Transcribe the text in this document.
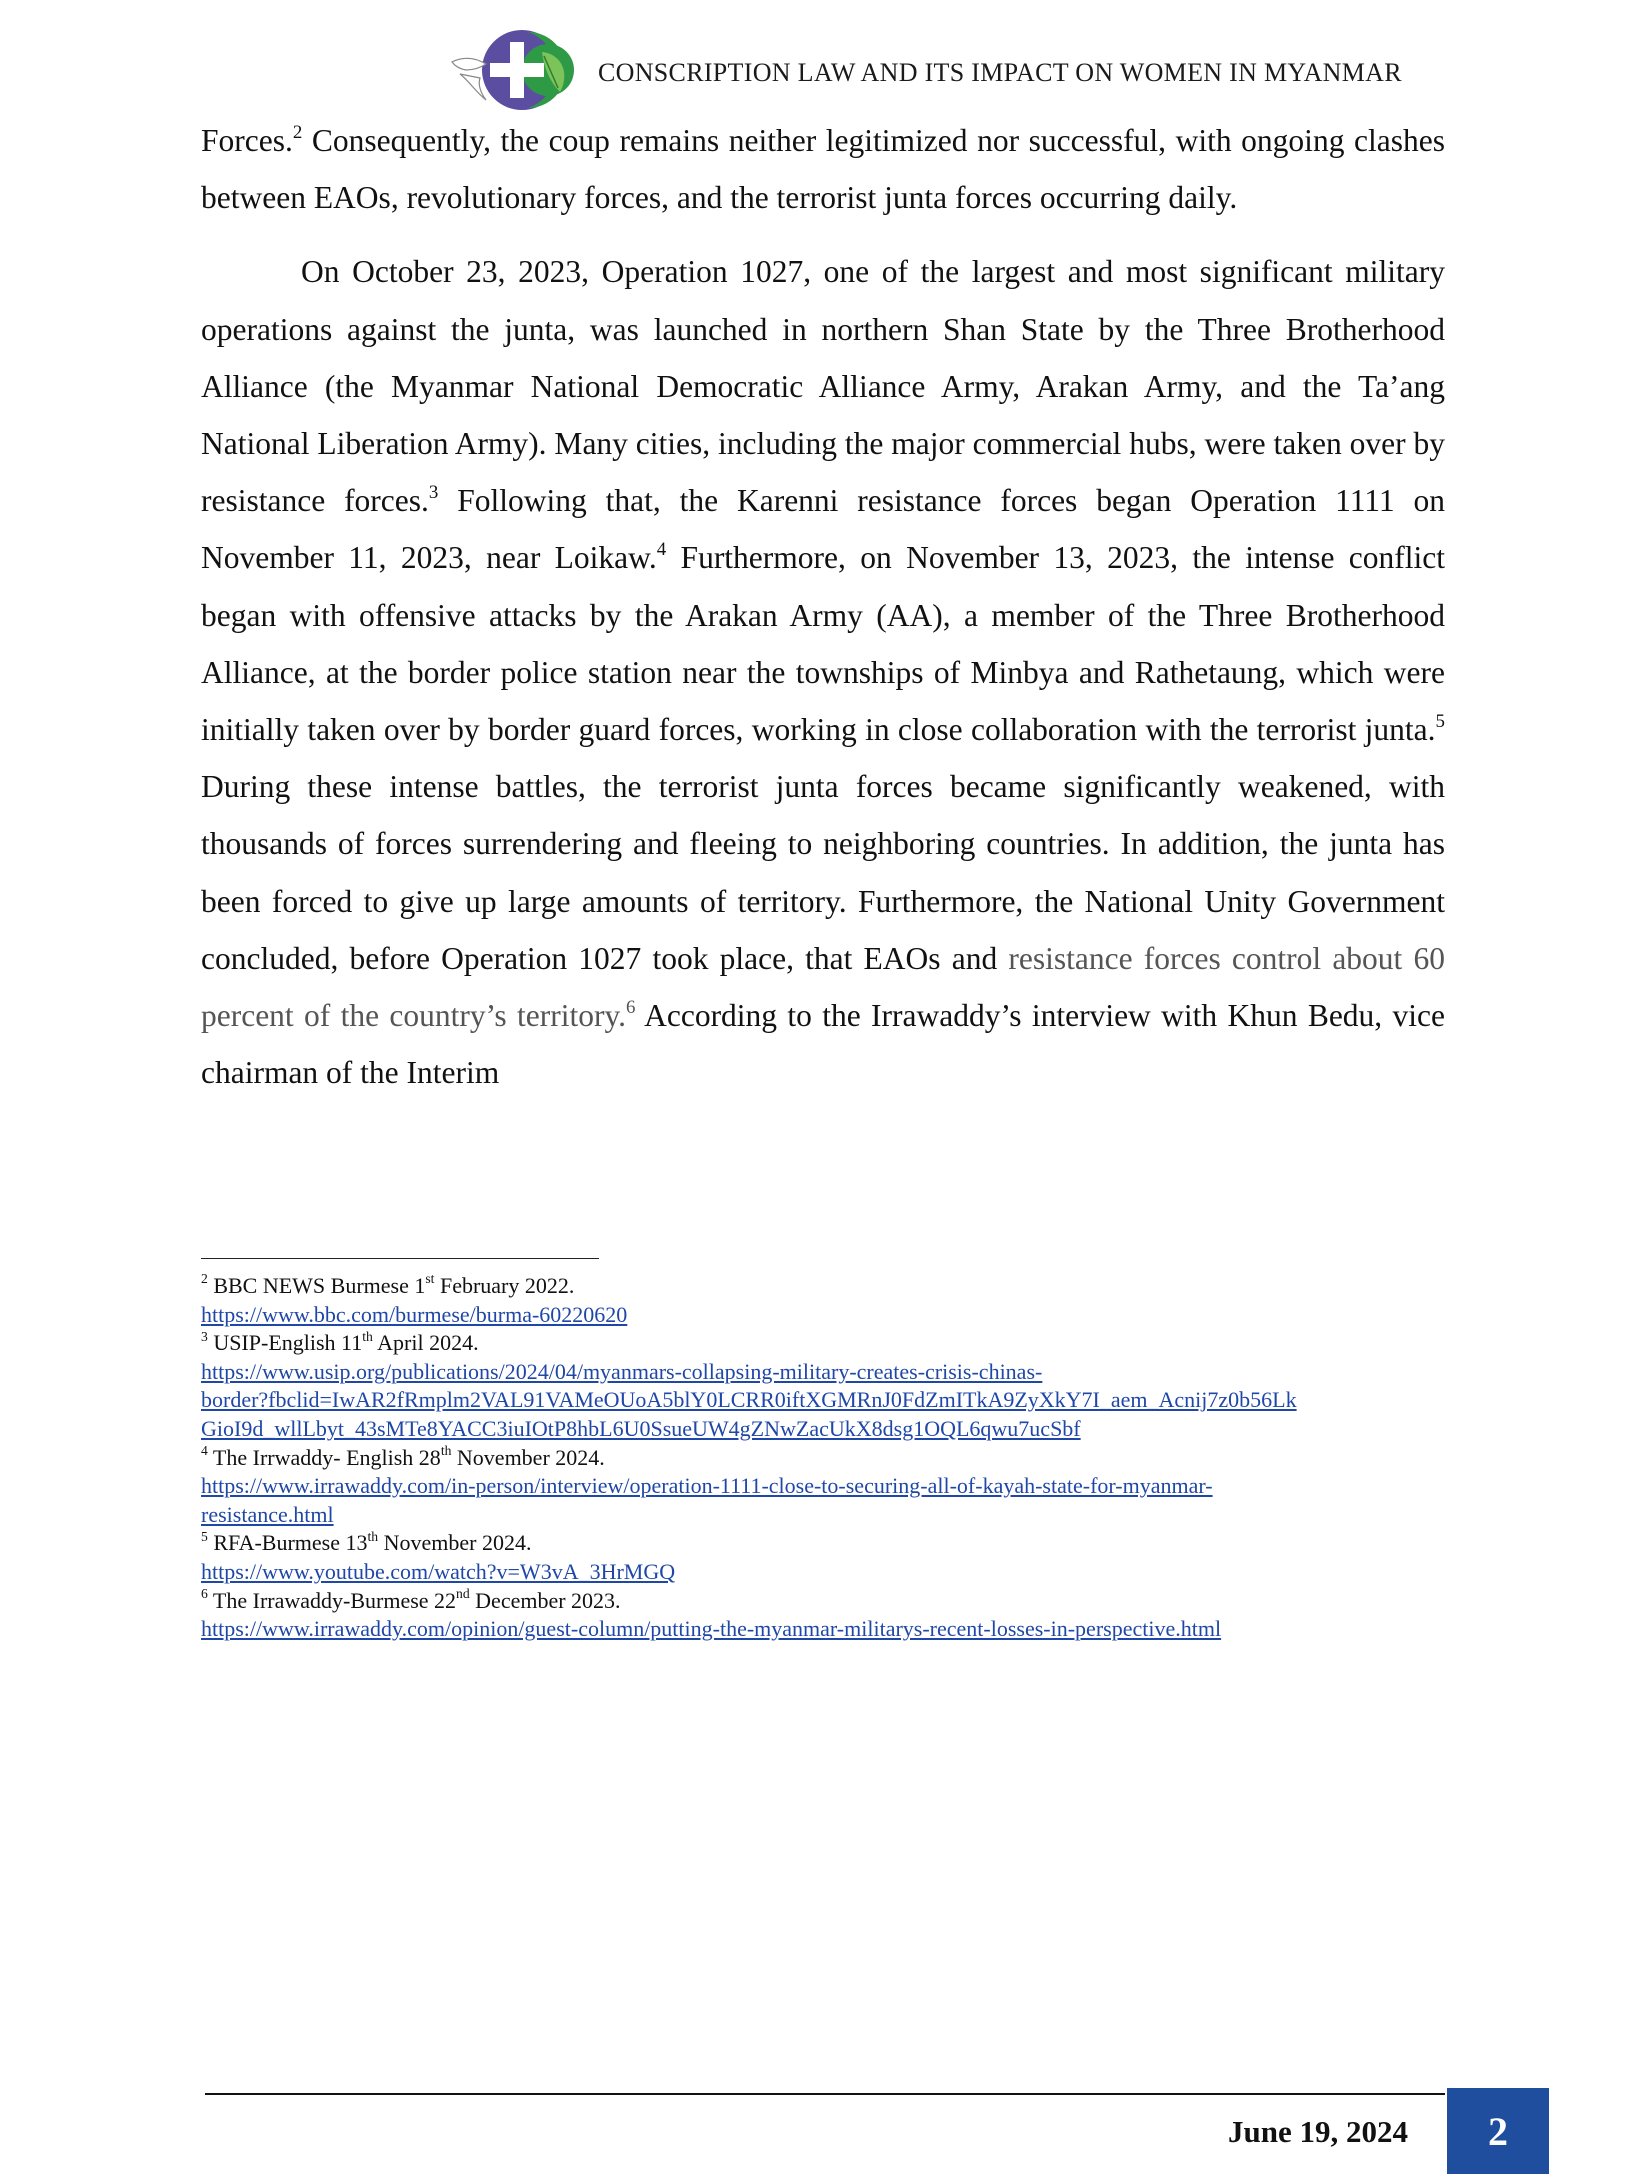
CONSCRIPTION LAW AND ITS IMPACT ON WOMEN IN MYANMAR

Forces.$^2$ Consequently, the coup remains neither legitimized nor successful, with ongoing clashes between EAOs, revolutionary forces, and the terrorist junta forces occurring daily.

On October 23, 2023, Operation 1027, one of the largest and most significant military operations against the junta, was launched in northern Shan State by the Three Brotherhood Alliance (the Myanmar National Democratic Alliance Army, Arakan Army, and the Ta’ang National Liberation Army). Many cities, including the major commercial hubs, were taken over by resistance forces.$^3$ Following that, the Karenni resistance forces began Operation 1111 on November 11, 2023, near Loikaw.$^4$ Furthermore, on November 13, 2023, the intense conflict began with offensive attacks by the Arakan Army (AA), a member of the Three Brotherhood Alliance, at the border police station near the townships of Minbya and Rathetaung, which were initially taken over by border guard forces, working in close collaboration with the terrorist junta.$^5$ During these intense battles, the terrorist junta forces became significantly weakened, with thousands of forces surrendering and fleeing to neighboring countries. In addition, the junta has been forced to give up large amounts of territory. Furthermore, the National Unity Government concluded, before Operation 1027 took place, that EAOs and resistance forces control about 60 percent of the country’s territory.$^6$ According to the Irrawaddy’s interview with Khun Bedu, vice chairman of the Interim

$^2$ BBC NEWS Burmese 1st February 2022.
https://www.bbc.com/burmese/burma-60220620
$^3$ USIP-English 11th April 2024.
https://www.usip.org/publications/2024/04/myanmars-collapsing-military-creates-crisis-chinas-
border?fbclid=IwAR2fRmplm2VAL91VAMeOUoA5blY0LCRR0iftXGMRnJ0FdZmITkA9ZyXkY7I_aem_Acnij7z0b56Lk
GioI9d_wllLbyt_43sMTe8YACC3iuIOtP8hbL6U0SsueUW4gZNwZacUkX8dsg1OQL6qwu7ucSbf
$^4$ The Irrwaddy- English 28th November 2024.
https://www.irrawaddy.com/in-person/interview/operation-1111-close-to-securing-all-of-kayah-state-for-myanmar-
resistance.html
$^5$ RFA-Burmese 13th November 2024.
https://www.youtube.com/watch?v=W3vA_3HrMGQ
$^6$ The Irrawaddy-Burmese 22nd December 2023.
https://www.irrawaddy.com/opinion/guest-column/putting-the-myanmar-militarys-recent-losses-in-perspective.html
June 19, 2024 2
